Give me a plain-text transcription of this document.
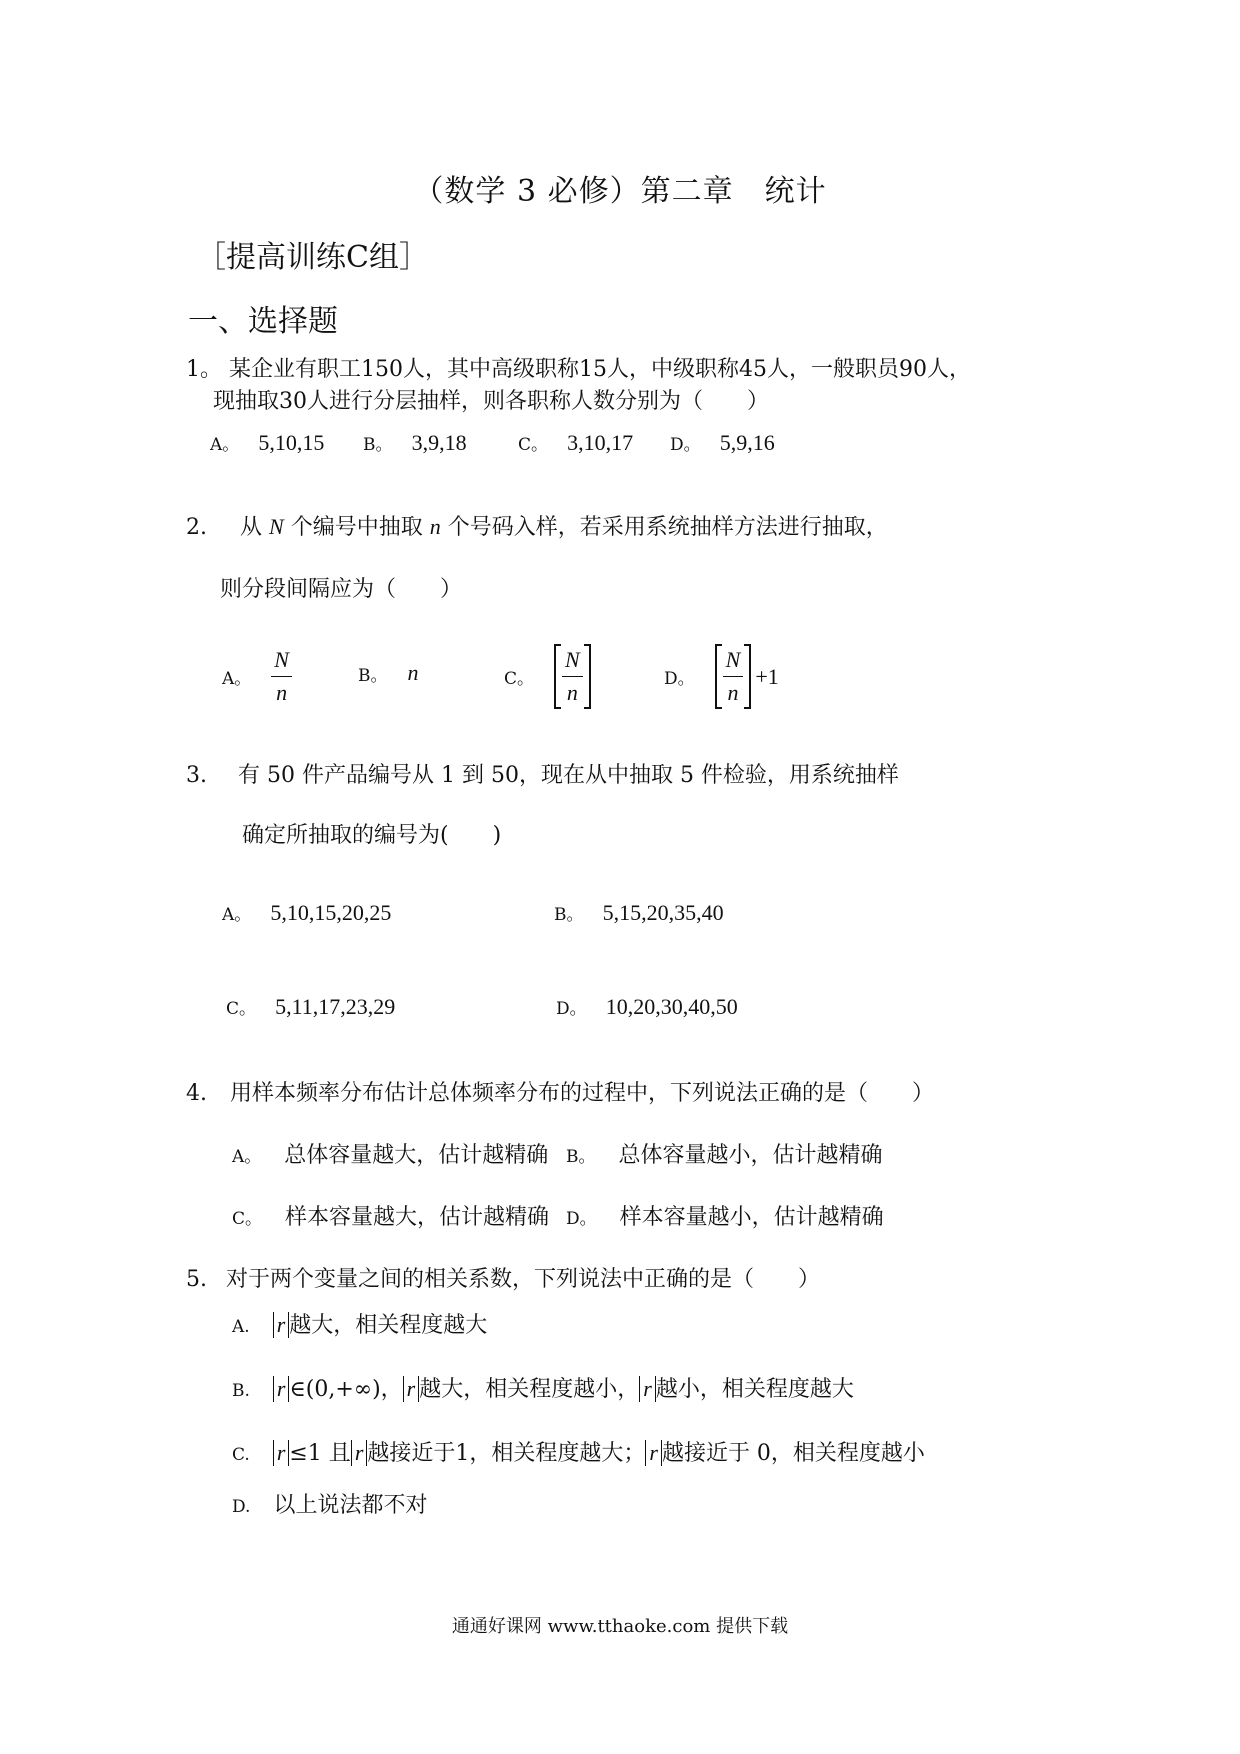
（数学 3 必修）第二章　统计
［提高训练C组］
一、选择题
1。 某企业有职工150人，其中高级职称15人，中级职称45人，一般职员90人，
现抽取30人进行分层抽样，则各职称人数分别为（　　）
A。 5,10,15 B。 3,9,18	C。 3,10,17 D。 5,9,16
2. 从 N 个编号中抽取 n 个号码入样，若采用系统抽样方法进行抽取，
则分段间隔应为（　　）
A。 $\frac{N}{n}$	B。 n	C。 $\frac{N}{n}$	D。 $\frac{N}{n} +1$
3. 有 50 件产品编号从 1 到 50，现在从中抽取 5 件检验，用系统抽样
确定所抽取的编号为(　　)
A。 5,10,15,20,25	B。 5,15,20,35,40
C。 5,11,17,23,29	D。 10,20,30,40,50
4. 用样本频率分布估计总体频率分布的过程中，下列说法正确的是（　　）
A。 总体容量越大，估计越精确 B。 总体容量越小，估计越精确
C。 样本容量越大，估计越精确 D。 样本容量越小，估计越精确
5. 对于两个变量之间的相关系数，下列说法中正确的是（　　）
A. r 越大，相关程度越大
B. r ∈(0,+∞)， r 越大，相关程度越小， r 越小，相关程度越大
C. r ≤1 且 r 越接近于1，相关程度越大； r 越接近于 0，相关程度越小
D. 以上说法都不对
通通好课网 www.tthaoke.com 提供下载
